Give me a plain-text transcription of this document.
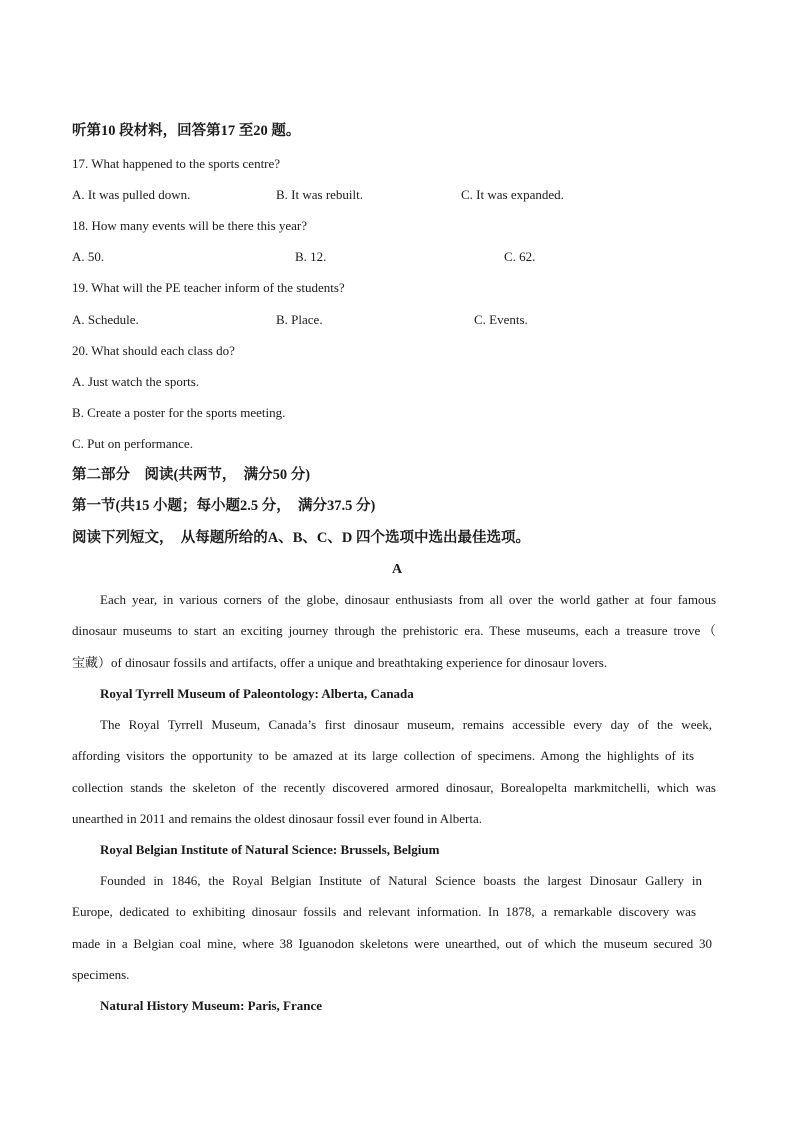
听第10 段材料，回答第17 至20 题。
17. What happened to the sports centre?
A. It was pulled down.	B. It was rebuilt.	C. It was expanded.
18. How many events will be there this year?
A. 50.	B. 12.	C. 62.
19. What will the PE teacher inform of the students?
A. Schedule.	B. Place.	C. Events.
20. What should each class do?
A. Just watch the sports.
B. Create a poster for the sports meeting.
C. Put on performance.
第二部分　阅读(共两节，　满分50 分)
第一节(共15 小题；每小题2.5 分，　满分37.5 分)
阅读下列短文，　从每题所给的A、B、C、D 四个选项中选出最佳选项。
A
Each year, in various corners of the globe, dinosaur enthusiasts from all over the world gather at four famous
dinosaur museums to start an exciting journey through the prehistoric era. These museums, each a treasure trove（
宝藏）of dinosaur fossils and artifacts, offer a unique and breathtaking experience for dinosaur lovers.
Royal Tyrrell Museum of Paleontology: Alberta, Canada
The Royal Tyrrell Museum, Canada’s first dinosaur museum, remains accessible every day of the week,
affording visitors the opportunity to be amazed at its large collection of specimens. Among the highlights of its
collection stands the skeleton of the recently discovered armored dinosaur, Borealopelta markmitchelli, which was
unearthed in 2011 and remains the oldest dinosaur fossil ever found in Alberta.
Royal Belgian Institute of Natural Science: Brussels, Belgium
Founded in 1846, the Royal Belgian Institute of Natural Science boasts the largest Dinosaur Gallery in
Europe, dedicated to exhibiting dinosaur fossils and relevant information. In 1878, a remarkable discovery was
made in a Belgian coal mine, where 38 Iguanodon skeletons were unearthed, out of which the museum secured 30
specimens.
Natural History Museum: Paris, France
